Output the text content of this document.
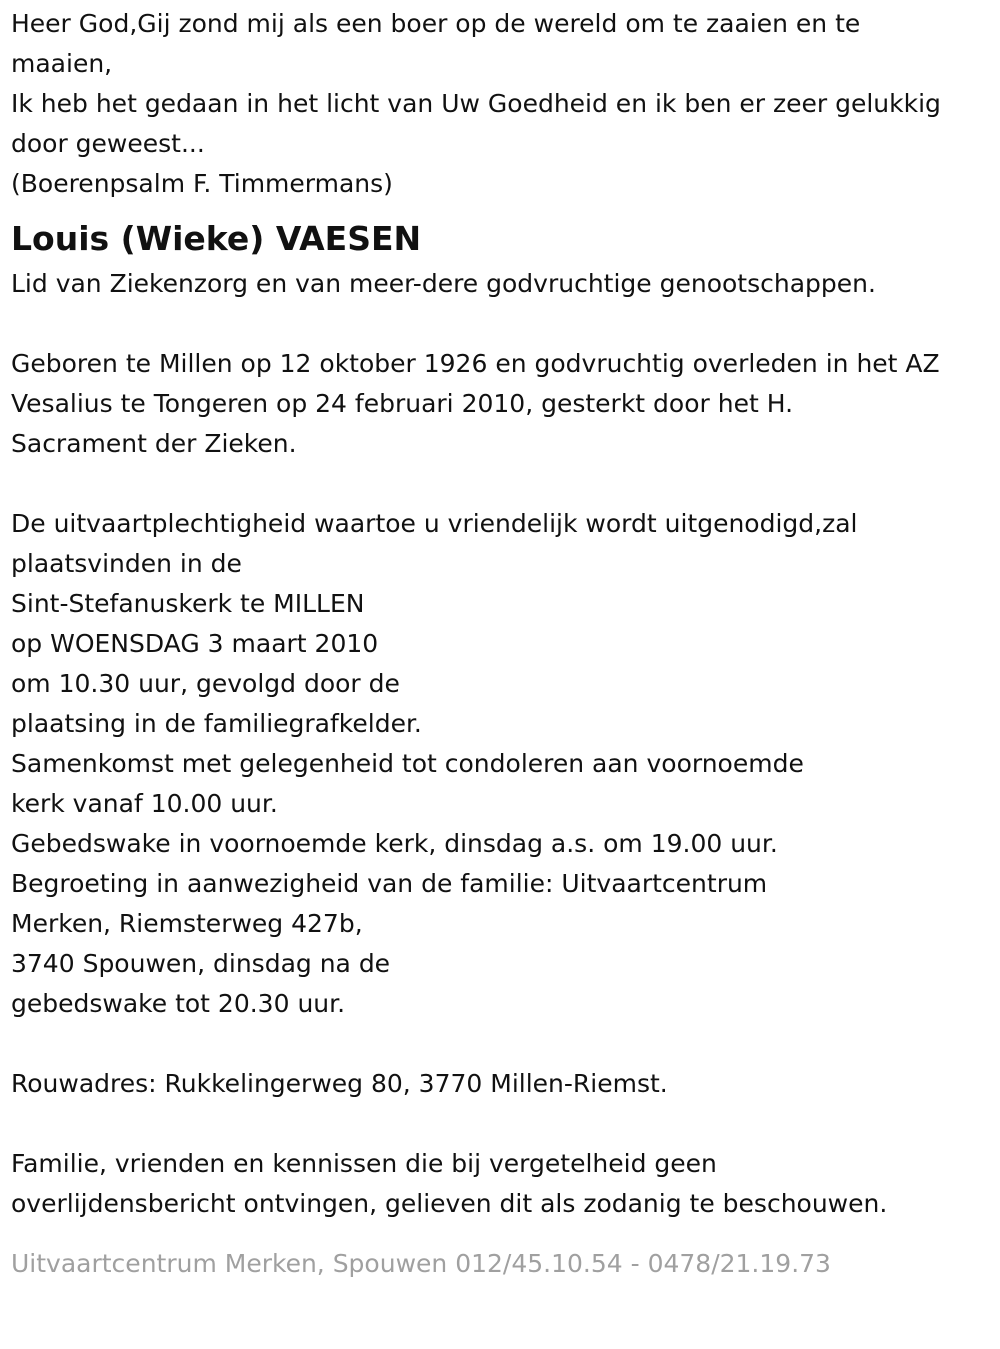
Heer God,Gij zond mij als een boer op de wereld om te zaaien en te

maaien,

Ik heb het gedaan in het licht van Uw Goedheid en ik ben er zeer gelukkig

door geweest...

(Boerenpsalm F. Timmermans)

Louis (Wieke) VAESEN

Lid van Ziekenzorg en van meer-dere godvruchtige genootschappen.

Geboren te Millen op 12 oktober 1926 en godvruchtig overleden in het AZ

Vesalius te Tongeren op 24 februari 2010, gesterkt door het H.

Sacrament der Zieken.

De uitvaartplechtigheid waartoe u vriendelijk wordt uitgenodigd,zal

plaatsvinden in de

Sint-Stefanuskerk te MILLEN

op WOENSDAG 3 maart 2010

om 10.30 uur, gevolgd door de

plaatsing in de familiegrafkelder.

Samenkomst met gelegenheid tot condoleren aan voornoemde

kerk vanaf 10.00 uur.

Gebedswake in voornoemde kerk, dinsdag a.s. om 19.00 uur.

Begroeting in aanwezigheid van de familie: Uitvaartcentrum

Merken, Riemsterweg 427b,

3740 Spouwen, dinsdag na de

gebedswake tot 20.30 uur.

Rouwadres: Rukkelingerweg 80, 3770 Millen-Riemst.

Familie, vrienden en kennissen die bij vergetelheid geen

overlijdensbericht ontvingen, gelieven dit als zodanig te beschouwen.

Uitvaartcentrum Merken, Spouwen 012/45.10.54 - 0478/21.19.73
